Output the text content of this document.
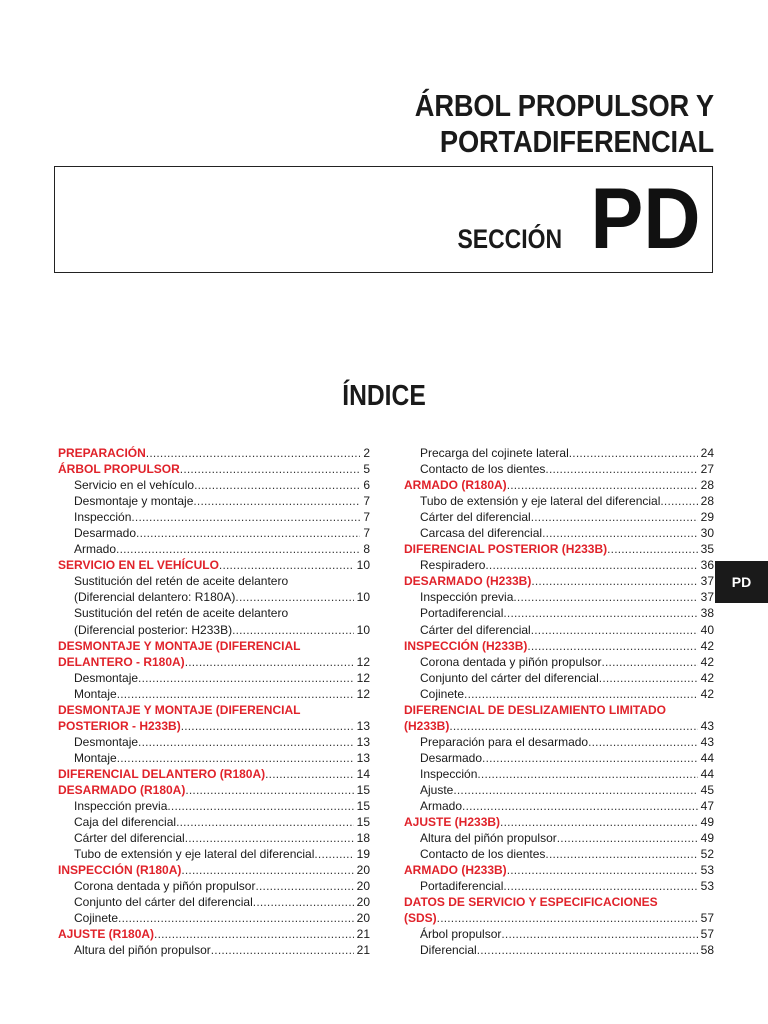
ÁRBOL PROPULSOR Y
PORTADIFERENCIAL
SECCIÓN PD
ÍNDICE
PREPARACIÓN .....	2
ÁRBOL PROPULSOR .....	5
Servicio en el vehículo .....	6
Desmontaje y montaje .....	7
Inspección .....	7
Desarmado .....	7
Armado .....	8
SERVICIO EN EL VEHÍCULO .....	10
Sustitución del retén de aceite delantero
(Diferencial delantero: R180A) .....	10
Sustitución del retén de aceite delantero
(Diferencial posterior: H233B) .....	10
DESMONTAJE Y MONTAJE (DIFERENCIAL
DELANTERO - R180A) .....	12
Desmontaje .....	12
Montaje .....	12
DESMONTAJE Y MONTAJE (DIFERENCIAL
POSTERIOR - H233B) .....	13
Desmontaje .....	13
Montaje .....	13
DIFERENCIAL DELANTERO (R180A) .....	14
DESARMADO (R180A) .....	15
Inspección previa .....	15
Caja del diferencial .....	15
Cárter del diferencial .....	18
Tubo de extensión y eje lateral del diferencial .....	19
INSPECCIÓN (R180A) .....	20
Corona dentada y piñón propulsor .....	20
Conjunto del cárter del diferencial .....	20
Cojinete .....	20
AJUSTE (R180A) .....	21
Altura del piñón propulsor .....	21
Precarga del cojinete lateral .....	24
Contacto de los dientes .....	27
ARMADO (R180A) .....	28
Tubo de extensión y eje lateral del diferencial .....	28
Cárter del diferencial .....	29
Carcasa del diferencial .....	30
DIFERENCIAL POSTERIOR (H233B) .....	35
Respiradero .....	36
DESARMADO (H233B) .....	37
Inspección previa .....	37
Portadiferencial .....	38
Cárter del diferencial .....	40
INSPECCIÓN (H233B) .....	42
Corona dentada y piñón propulsor .....	42
Conjunto del cárter del diferencial .....	42
Cojinete .....	42
DIFERENCIAL DE DESLIZAMIENTO LIMITADO
(H233B) .....	43
Preparación para el desarmado .....	43
Desarmado .....	44
Inspección .....	44
Ajuste .....	45
Armado .....	47
AJUSTE (H233B) .....	49
Altura del piñón propulsor .....	49
Contacto de los dientes .....	52
ARMADO (H233B) .....	53
Portadiferencial .....	53
DATOS DE SERVICIO Y ESPECIFICACIONES
(SDS) .....	57
Árbol propulsor .....	57
Diferencial .....	58
PD
